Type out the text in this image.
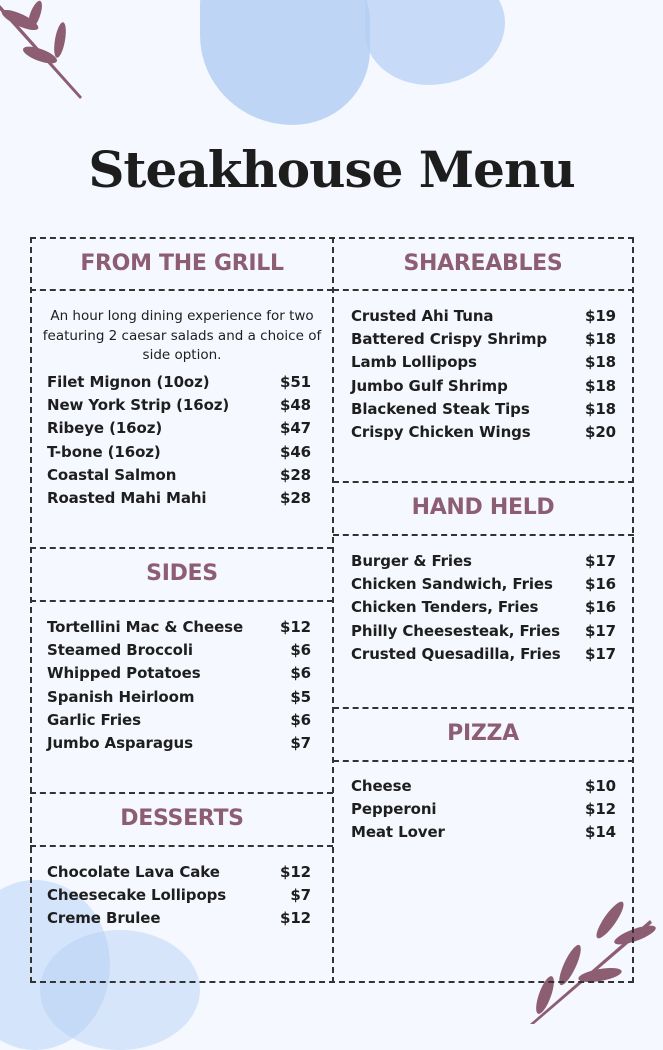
Steakhouse Menu
FROM THE GRILL
An hour long dining experience for two featuring 2 caesar salads and a choice of side option.
Filet Mignon (10oz)	$51
New York Strip (16oz)	$48
Ribeye (16oz)	$47
T-bone (16oz)	$46
Coastal Salmon	$28
Roasted Mahi Mahi	$28
SIDES
Tortellini Mac & Cheese $12
Steamed Broccoli	$6
Whipped Potatoes	$6
Spanish Heirloom	$5
Garlic Fries	$6
Jumbo Asparagus	$7
DESSERTS
Chocolate Lava Cake	$12
Cheesecake Lollipops	$7
Creme Brulee	$12
SHAREABLES
Crusted Ahi Tuna	$19
Battered Crispy Shrimp	$18
Lamb Lollipops	$18
Jumbo Gulf Shrimp	$18
Blackened Steak Tips	$18
Crispy Chicken Wings	$20
HAND HELD
Burger & Fries	$17
Chicken Sandwich, Fries $16
Chicken Tenders, Fries	$16
Philly Cheesesteak, Fries $17
Crusted Quesadilla, Fries $17
PIZZA
Cheese	$10
Pepperoni	$12
Meat Lover	$14
